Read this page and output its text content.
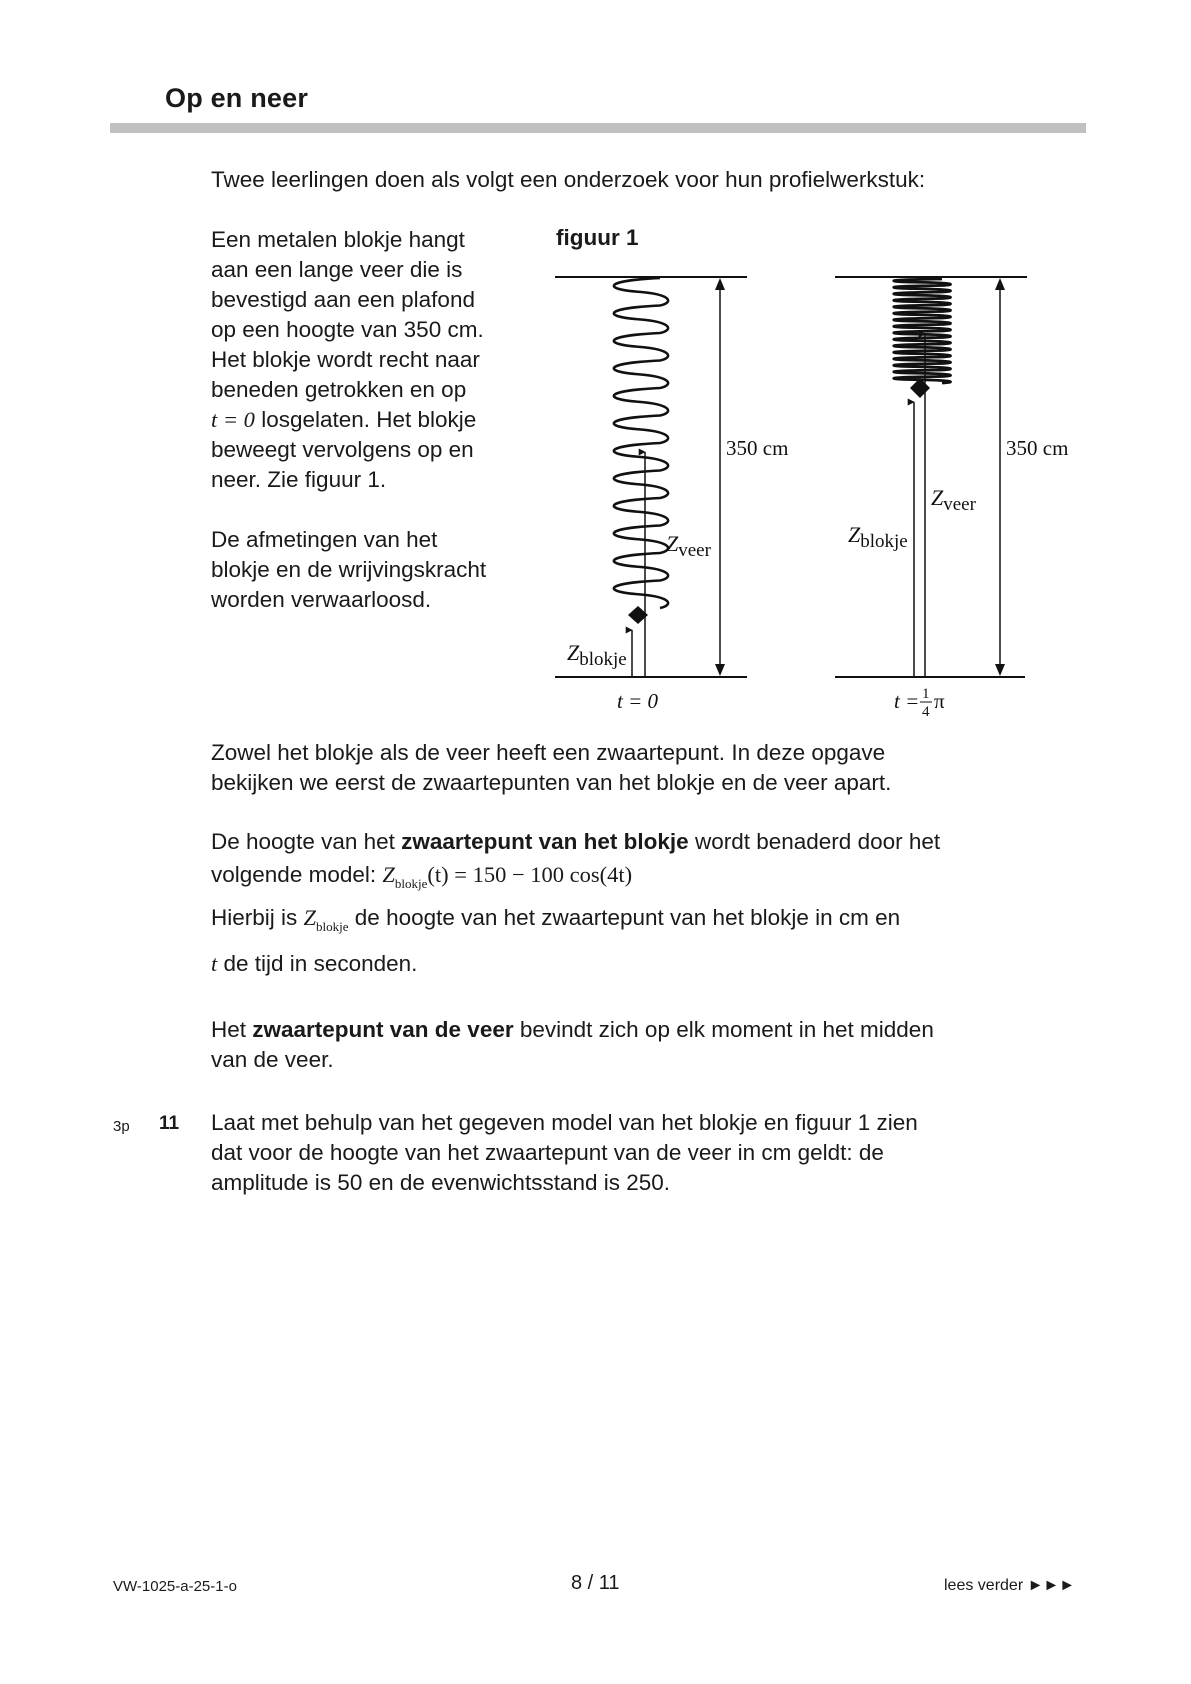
Op en neer
Twee leerlingen doen als volgt een onderzoek voor hun profielwerkstuk:
Een metalen blokje hangt
aan een lange veer die is
bevestigd aan een plafond
op een hoogte van 350 cm.
Het blokje wordt recht naar
beneden getrokken en op
t = 0 losgelaten. Het blokje
beweegt vervolgens op en
neer. Zie figuur 1.
De afmetingen van het
blokje en de wrijvingskracht
worden verwaarloosd.
figuur 1
350 cm
Zveer
Zblokje
t = 0
350 cm
Zveer
Zblokje
t = 1
4 π
Zowel het blokje als de veer heeft een zwaartepunt. In deze opgave
bekijken we eerst de zwaartepunten van het blokje en de veer apart.
De hoogte van het zwaartepunt van het blokje wordt benaderd door het
volgende model: $Z_{blokje}(t) = 150 - 100$ cos(4t)
Hierbij is $Z_{blokje}$ de hoogte van het zwaartepunt van het blokje in cm en
t de tijd in seconden.
Het zwaartepunt van de veer bevindt zich op elk moment in het midden
van de veer.
3p 11 Laat met behulp van het gegeven model van het blokje en figuur 1 zien
dat voor de hoogte van het zwaartepunt van de veer in cm geldt: de
amplitude is 50 en de evenwichtsstand is 250.
VW-1025-a-25-1-o	8 / 11	lees verder ►►►
